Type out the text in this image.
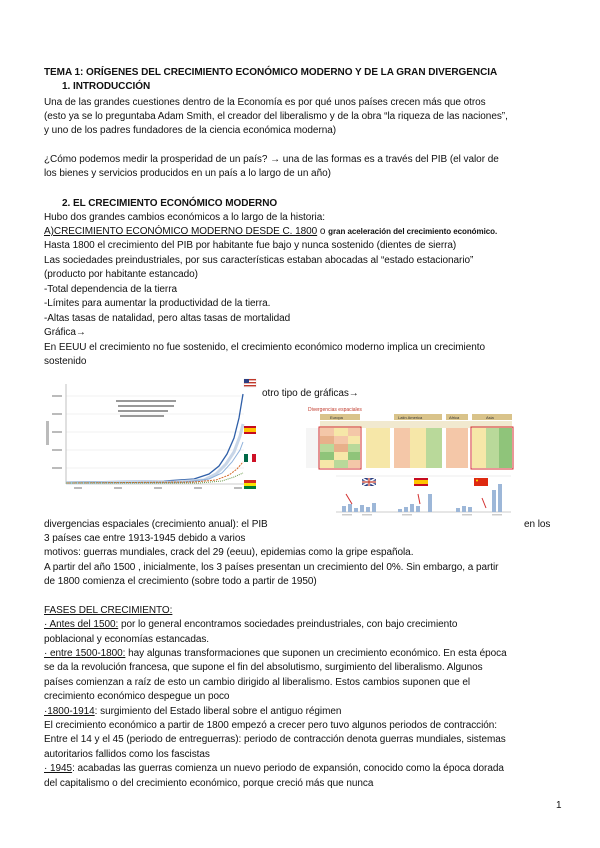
TEMA 1: ORÍGENES DEL CRECIMIENTO ECONÓMICO MODERNO Y DE LA GRAN DIVERGENCIA
1. INTRODUCCIÓN
Una de las grandes cuestiones dentro de la Economía es por qué unos países crecen más que otros
(esto ya se lo preguntaba Adam Smith, el creador del liberalismo y de la obra “la riqueza de las naciones”,
y uno de los padres fundadores de la ciencia económica moderna)
¿Cómo podemos medir la prosperidad de un país? → una de las formas es a través del PIB (el valor de
los bienes y servicios producidos en un país a lo largo de un año)
2. EL CRECIMIENTO ECONÓMICO MODERNO
Hubo dos grandes cambios económicos a lo largo de la historia:
A)CRECIMIENTO ECONÓMICO MODERNO DESDE C. 1800 o gran aceleración del crecimiento económico.
Hasta 1800 el crecimiento del PIB por habitante fue bajo y nunca sostenido (dientes de sierra)
Las sociedades preindustriales, por sus características estaban abocadas al “estado estacionario”
(producto por habitante estancado)
-Total dependencia de la tierra
-Límites para aumentar la productividad de la tierra.
-Altas tasas de natalidad, pero altas tasas de mortalidad
Gráfica→
En EEUU el crecimiento no fue sostenido, el crecimiento económico moderno implica un crecimiento
sostenido
otro tipo de gráficas→
Divergencias espaciales
Europa	Latin America	Africa	Asia
divergencias espaciales (crecimiento anual): el PIB	en los
3 países cae entre 1913-1945 debido a varios
motivos: guerras mundiales, crack del 29 (eeuu), epidemias como la gripe española.
A partir del año 1500 , inicialmente, los 3 países presentan un crecimiento del 0%. Sin embargo, a partir
de 1800 comienza el crecimiento (sobre todo a partir de 1950)
FASES DEL CRECIMIENTO:
· Antes del 1500: por lo general encontramos sociedades preindustriales, con bajo crecimiento
poblacional y economías estancadas.
· entre 1500-1800: hay algunas transformaciones que suponen un crecimiento económico. En esta época
se da la revolución francesa, que supone el fin del absolutismo, surgimiento del liberalismo. Algunos
países comienzan a raíz de esto un cambio dirigido al liberalismo. Estos cambios suponen que el
crecimiento económico despegue un poco
·1800-1914: surgimiento del Estado liberal sobre el antiguo régimen
El crecimiento económico a partir de 1800 empezó a crecer pero tuvo algunos periodos de contracción:
Entre el 14 y el 45 (periodo de entreguerras): periodo de contracción denota guerras mundiales, sistemas
autoritarios fallidos como los fascistas
· 1945: acabadas las guerras comienza un nuevo periodo de expansión, conocido como la época dorada
del capitalismo o del crecimiento económico, porque creció más que nunca
1
